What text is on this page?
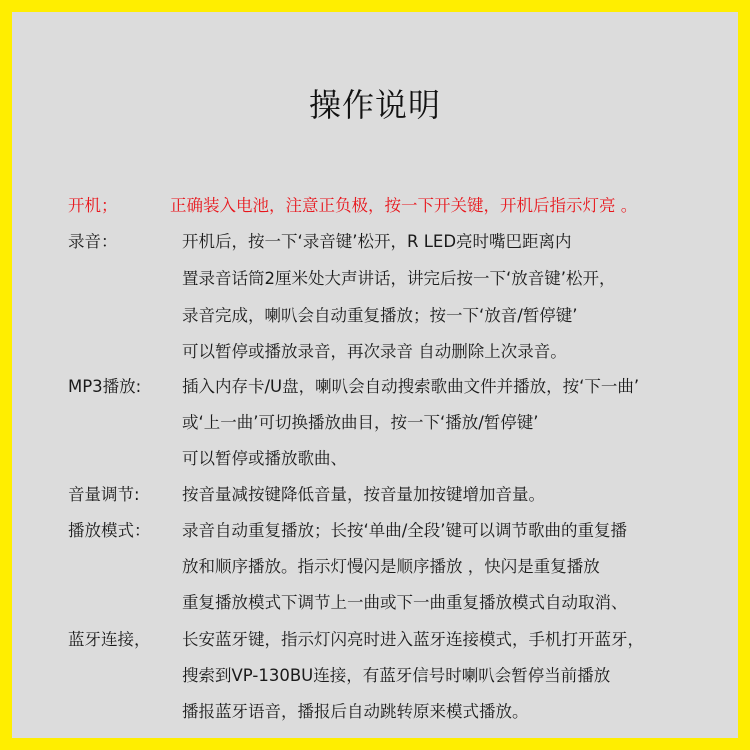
操作说明
开机；	正确装入电池，注意正负极，按一下开关键，开机后指示灯亮 。
录音：	开机后，按一下‘录音键’松开，R LED亮时嘴巴距离内
置录音话筒2厘米处大声讲话，讲完后按一下‘放音键’松开，
录音完成，喇叭会自动重复播放；按一下‘放音/暂停键’
可以暂停或播放录音，再次录音 自动删除上次录音。
MP3播放: 插入内存卡/U盘，喇叭会自动搜索歌曲文件并播放，按‘下一曲’
或‘上一曲’可切换播放曲目，按一下‘播放/暂停键’
可以暂停或播放歌曲、
音量调节:	按音量减按键降低音量，按音量加按键增加音量。
播放模式： 录音自动重复播放；长按‘单曲/全段’键可以调节歌曲的重复播
放和顺序播放。指示灯慢闪是顺序播放 ，快闪是重复播放
重复播放模式下调节上一曲或下一曲重复播放模式自动取消、
蓝牙连接， 长安蓝牙键，指示灯闪亮时进入蓝牙连接模式，手机打开蓝牙，
搜索到VP-130BU连接，有蓝牙信号时喇叭会暂停当前播放
播报蓝牙语音，播报后自动跳转原来模式播放。
